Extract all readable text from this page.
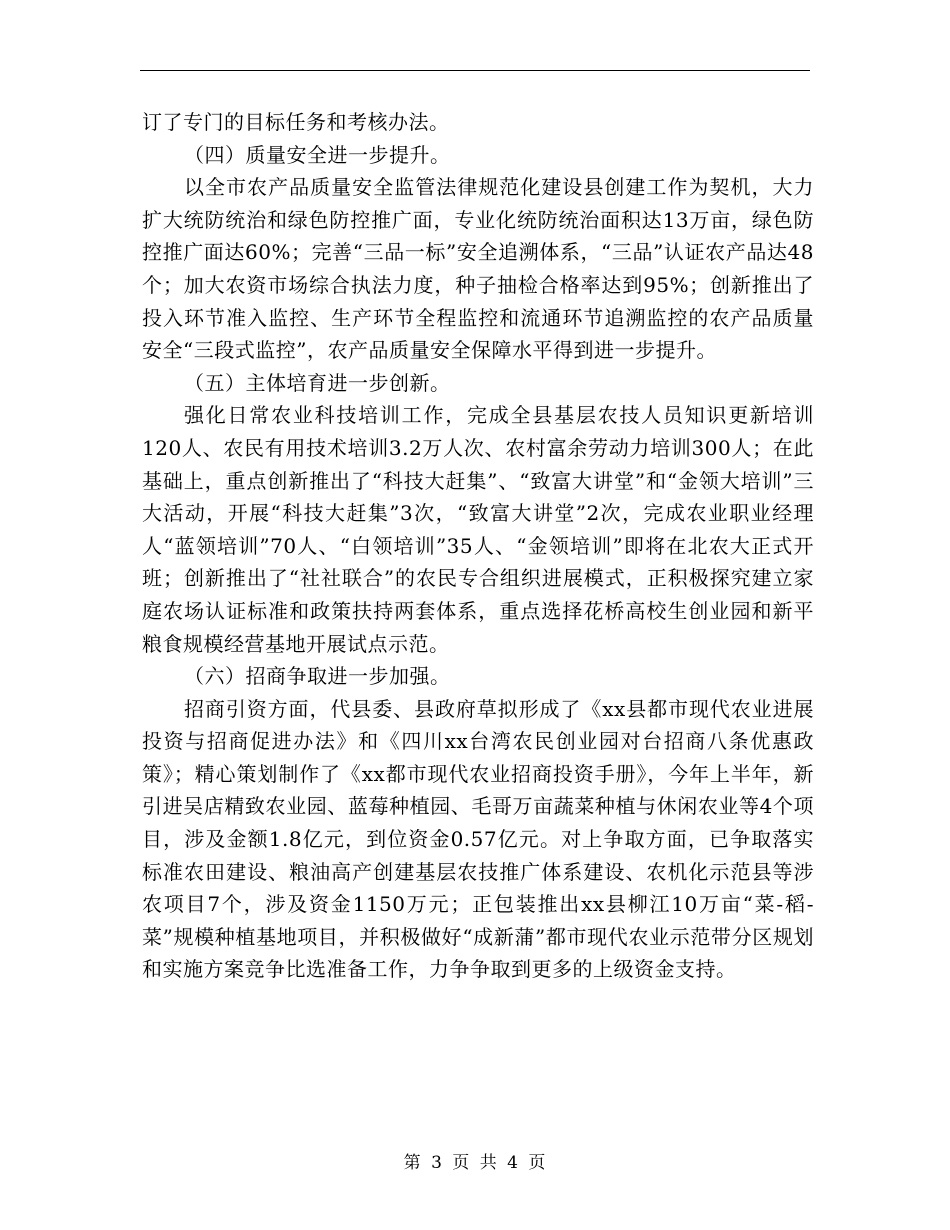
订了专门的目标任务和考核办法。

（四）质量安全进一步提升。

以全市农产品质量安全监管法律规范化建设县创建工作为契机，大力扩大统防统治和绿色防控推广面，专业化统防统治面积达13万亩，绿色防控推广面达60%；完善“三品一标”安全追溯体系，“三品”认证农产品达48个；加大农资市场综合执法力度，种子抽检合格率达到95%；创新推出了投入环节准入监控、生产环节全程监控和流通环节追溯监控的农产品质量安全“三段式监控”，农产品质量安全保障水平得到进一步提升。

（五）主体培育进一步创新。

强化日常农业科技培训工作，完成全县基层农技人员知识更新培训120人、农民有用技术培训3.2万人次、农村富余劳动力培训300人；在此基础上，重点创新推出了“科技大赶集”、“致富大讲堂”和“金领大培训”三大活动，开展“科技大赶集”3次，“致富大讲堂”2次，完成农业职业经理人“蓝领培训”70人、“白领培训”35人、“金领培训”即将在北农大正式开班；创新推出了“社社联合”的农民专合组织进展模式，正积极探究建立家庭农场认证标准和政策扶持两套体系，重点选择花桥高校生创业园和新平粮食规模经营基地开展试点示范。

（六）招商争取进一步加强。

招商引资方面，代县委、县政府草拟形成了《xx县都市现代农业进展投资与招商促进办法》和《四川xx台湾农民创业园对台招商八条优惠政策》；精心策划制作了《xx都市现代农业招商投资手册》，今年上半年，新引进吴店精致农业园、蓝莓种植园、毛哥万亩蔬菜种植与休闲农业等4个项目，涉及金额1.8亿元，到位资金0.57亿元。对上争取方面，已争取落实标准农田建设、粮油高产创建基层农技推广体系建设、农机化示范县等涉农项目7个，涉及资金1150万元；正包装推出xx县柳江10万亩“菜-稻-菜”规模种植基地项目，并积极做好“成新蒲”都市现代农业示范带分区规划和实施方案竞争比选准备工作，力争争取到更多的上级资金支持。

第 3 页 共 4 页
